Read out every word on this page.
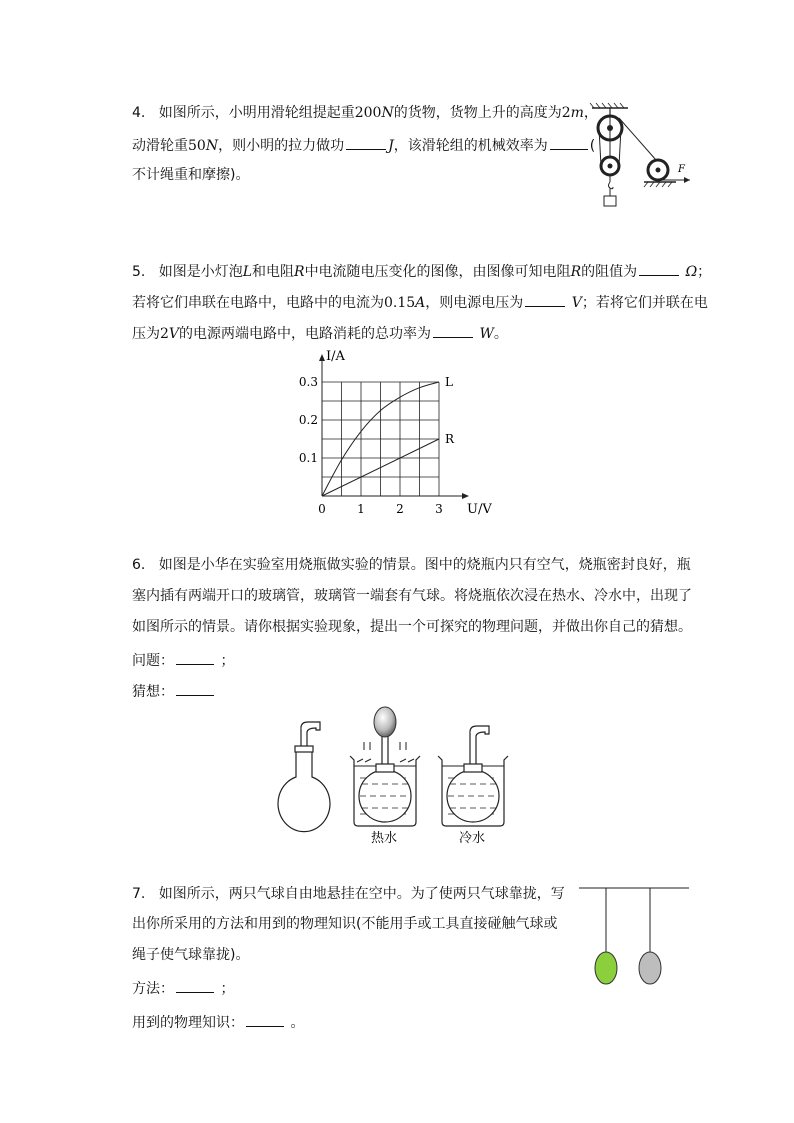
4. 如图所示，小明用滑轮组提起重200N的货物，货物上升的高度为2m，
动滑轮重50N，则小明的拉力做功	J，该滑轮组的机械效率为	(
不计绳重和摩擦)。	F
5. 如图是小灯泡L和电阻R中电流随电压变化的图像，由图像可知电阻R的阻值为	Ω；
若将它们串联在电路中，电路中的电流为0.15A，则电源电压为	V；若将它们并联在电
压为2V的电源两端电路中，电路消耗的总功率为	W。
0	1	2	3
0.1
0.2
0.3	L
R
I/A
U/V
6. 如图是小华在实验室用烧瓶做实验的情景。图中的烧瓶内只有空气，烧瓶密封良好，瓶
塞内插有两端开口的玻璃管，玻璃管一端套有气球。将烧瓶依次浸在热水、冷水中，出现了
如图所示的情景。请你根据实验现象，提出一个可探究的物理问题，并做出你自己的猜想。
问题：	；
猜想：
热水	冷水
7. 如图所示，两只气球自由地悬挂在空中。为了使两只气球靠拢，写
出你所采用的方法和用到的物理知识(不能用手或工具直接碰触气球或
绳子使气球靠拢)。
方法：	；
用到的物理知识：	。
